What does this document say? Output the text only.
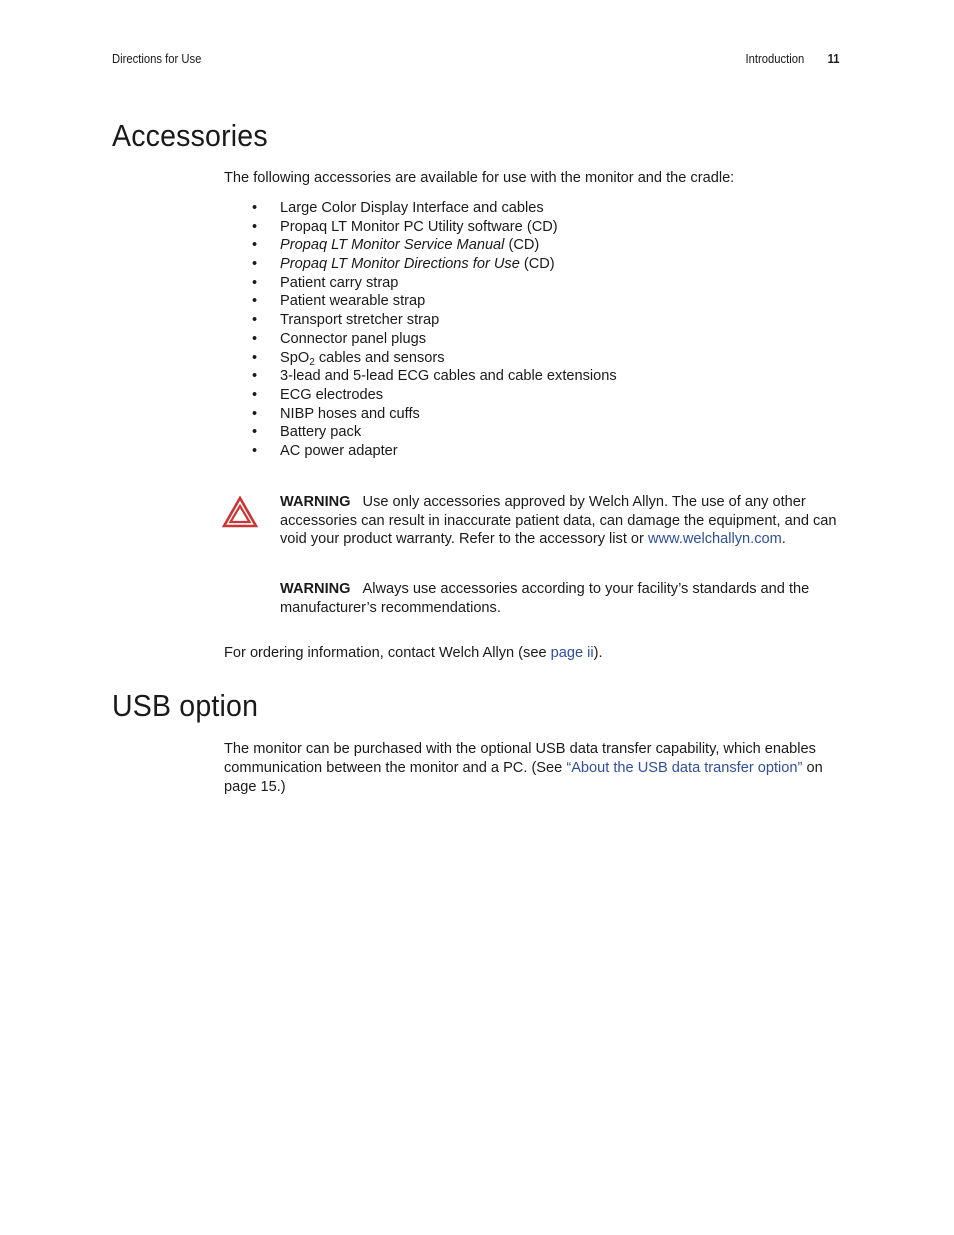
Directions for Use	Introduction 11
Accessories

The following accessories are available for use with the monitor and the cradle:

• Large Color Display Interface and cables
• Propaq LT Monitor PC Utility software (CD)
• Propaq LT Monitor Service Manual (CD)
• Propaq LT Monitor Directions for Use (CD)
• Patient carry strap
• Patient wearable strap
• Transport stretcher strap
• Connector panel plugs
• SpO$_2$ cables and sensors
• 3-lead and 5-lead ECG cables and cable extensions
• ECG electrodes
• NIBP hoses and cuffs
• Battery pack
• AC power adapter

WARNING Use only accessories approved by Welch Allyn. The use of any other accessories can result in inaccurate patient data, can damage the equipment, and can void your product warranty. Refer to the accessory list or www.welchallyn.com.

WARNING Always use accessories according to your facility’s standards and the manufacturer’s recommendations.

For ordering information, contact Welch Allyn (see page ii).

USB option

The monitor can be purchased with the optional USB data transfer capability, which enables communication between the monitor and a PC. (See “About the USB data transfer option” on page 15.)
